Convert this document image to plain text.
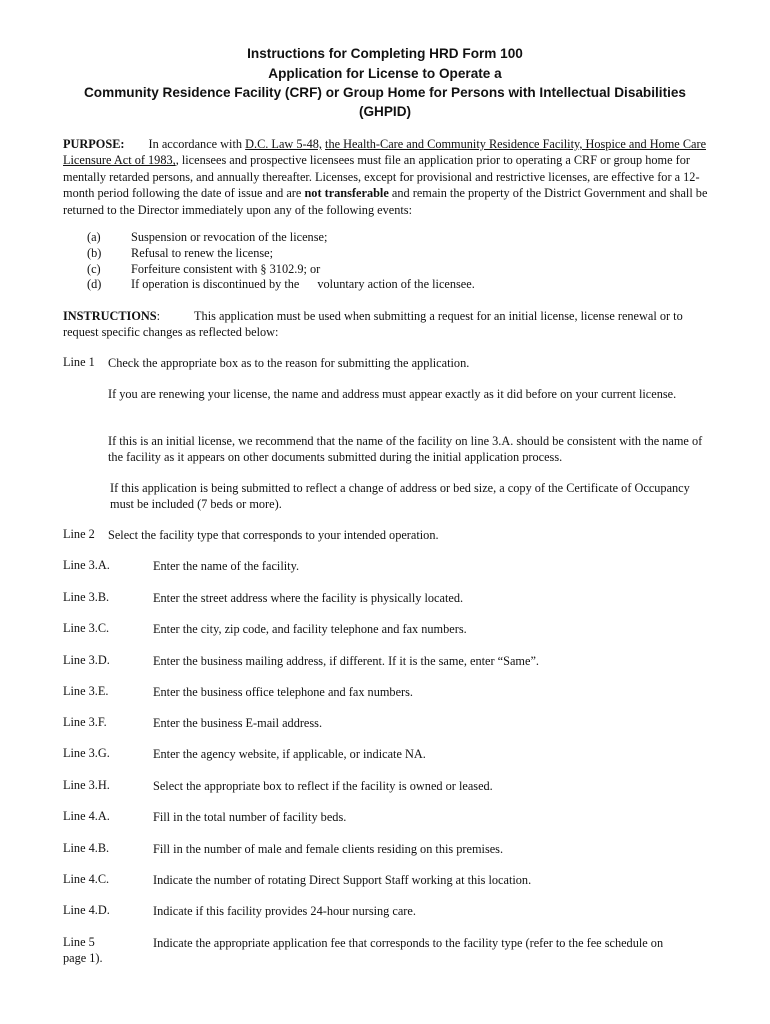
Instructions for Completing HRD Form 100
Application for License to Operate a
Community Residence Facility (CRF) or Group Home for Persons with Intellectual Disabilities
(GHPID)
PURPOSE: In accordance with D.C. Law 5-48, the Health-Care and Community Residence Facility, Hospice and Home Care Licensure Act of 1983,, licensees and prospective licensees must file an application prior to operating a CRF or group home for mentally retarded persons, and annually thereafter. Licenses, except for provisional and restrictive licenses, are effective for a 12-month period following the date of issue and are not transferable and remain the property of the District Government and shall be returned to the Director immediately upon any of the following events:
(a) Suspension or revocation of the license;
(b) Refusal to renew the license;
(c) Forfeiture consistent with § 3102.9; or
(d) If operation is discontinued by the voluntary action of the licensee.
INSTRUCTIONS:	This application must be used when submitting a request for an initial license, license renewal or to request specific changes as reflected below:
Line 1 Check the appropriate box as to the reason for submitting the application.
If you are renewing your license, the name and address must appear exactly as it did before on your current license.
If this is an initial license, we recommend that the name of the facility on line 3.A. should be consistent with the name of the facility as it appears on other documents submitted during the initial application process.
If this application is being submitted to reflect a change of address or bed size, a copy of the Certificate of Occupancy must be included (7 beds or more).
Line 2 Select the facility type that corresponds to your intended operation.
Line 3.A.	Enter the name of the facility.
Line 3.B.	Enter the street address where the facility is physically located.
Line 3.C.	Enter the city, zip code, and facility telephone and fax numbers.
Line 3.D.	Enter the business mailing address, if different. If it is the same, enter “Same”.
Line 3.E.	Enter the business office telephone and fax numbers.
Line 3.F.	Enter the business E-mail address.
Line 3.G.	Enter the agency website, if applicable, or indicate NA.
Line 3.H.	Select the appropriate box to reflect if the facility is owned or leased.
Line 4.A.	Fill in the total number of facility beds.
Line 4.B.	Fill in the number of male and female clients residing on this premises.
Line 4.C.	Indicate the number of rotating Direct Support Staff working at this location.
Line 4.D.	Indicate if this facility provides 24-hour nursing care.
Line 5	Indicate the appropriate application fee that corresponds to the facility type (refer to the fee schedule on
page 1).
